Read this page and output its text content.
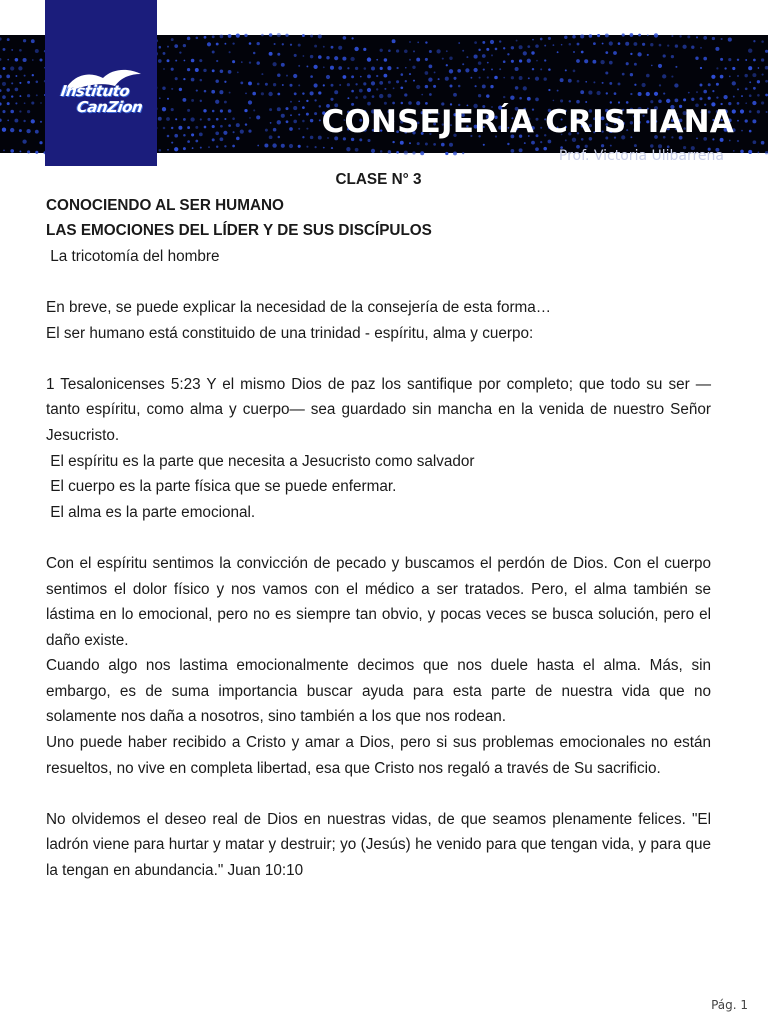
CONSEJERÍA CRISTIANA
Prof. Victoria Ulibarrena
Instituto
CanZion

CLASE N° 3

CONOCIENDO AL SER HUMANO

LAS EMOCIONES DEL LÍDER Y DE SUS DISCÍPULOS

La tricotomía del hombre

En breve, se puede explicar la necesidad de la consejería de esta forma…

El ser humano está constituido de una trinidad - espíritu, alma y cuerpo:

1 Tesalonicenses 5:23 Y el mismo Dios de paz los santifique por completo; que todo su ser —tanto espíritu, como alma y cuerpo— sea guardado sin mancha en la venida de nuestro Señor Jesucristo.

El espíritu es la parte que necesita a Jesucristo como salvador

El cuerpo es la parte física que se puede enfermar.

El alma es la parte emocional.

Con el espíritu sentimos la convicción de pecado y buscamos el perdón de Dios. Con el cuerpo sentimos el dolor físico y nos vamos con el médico a ser tratados. Pero, el alma también se lástima en lo emocional, pero no es siempre tan obvio, y pocas veces se busca solución, pero el daño existe.

Cuando algo nos lastima emocionalmente decimos que nos duele hasta el alma. Más, sin embargo, es de suma importancia buscar ayuda para esta parte de nuestra vida que no solamente nos daña a nosotros, sino también a los que nos rodean.

Uno puede haber recibido a Cristo y amar a Dios, pero si sus problemas emocionales no están resueltos, no vive en completa libertad, esa que Cristo nos regaló a través de Su sacrificio.

No olvidemos el deseo real de Dios en nuestras vidas, de que seamos plenamente felices. "El ladrón viene para hurtar y matar y destruir; yo (Jesús) he venido para que tengan vida, y para que la tengan en abundancia." Juan 10:10

Pág. 1
